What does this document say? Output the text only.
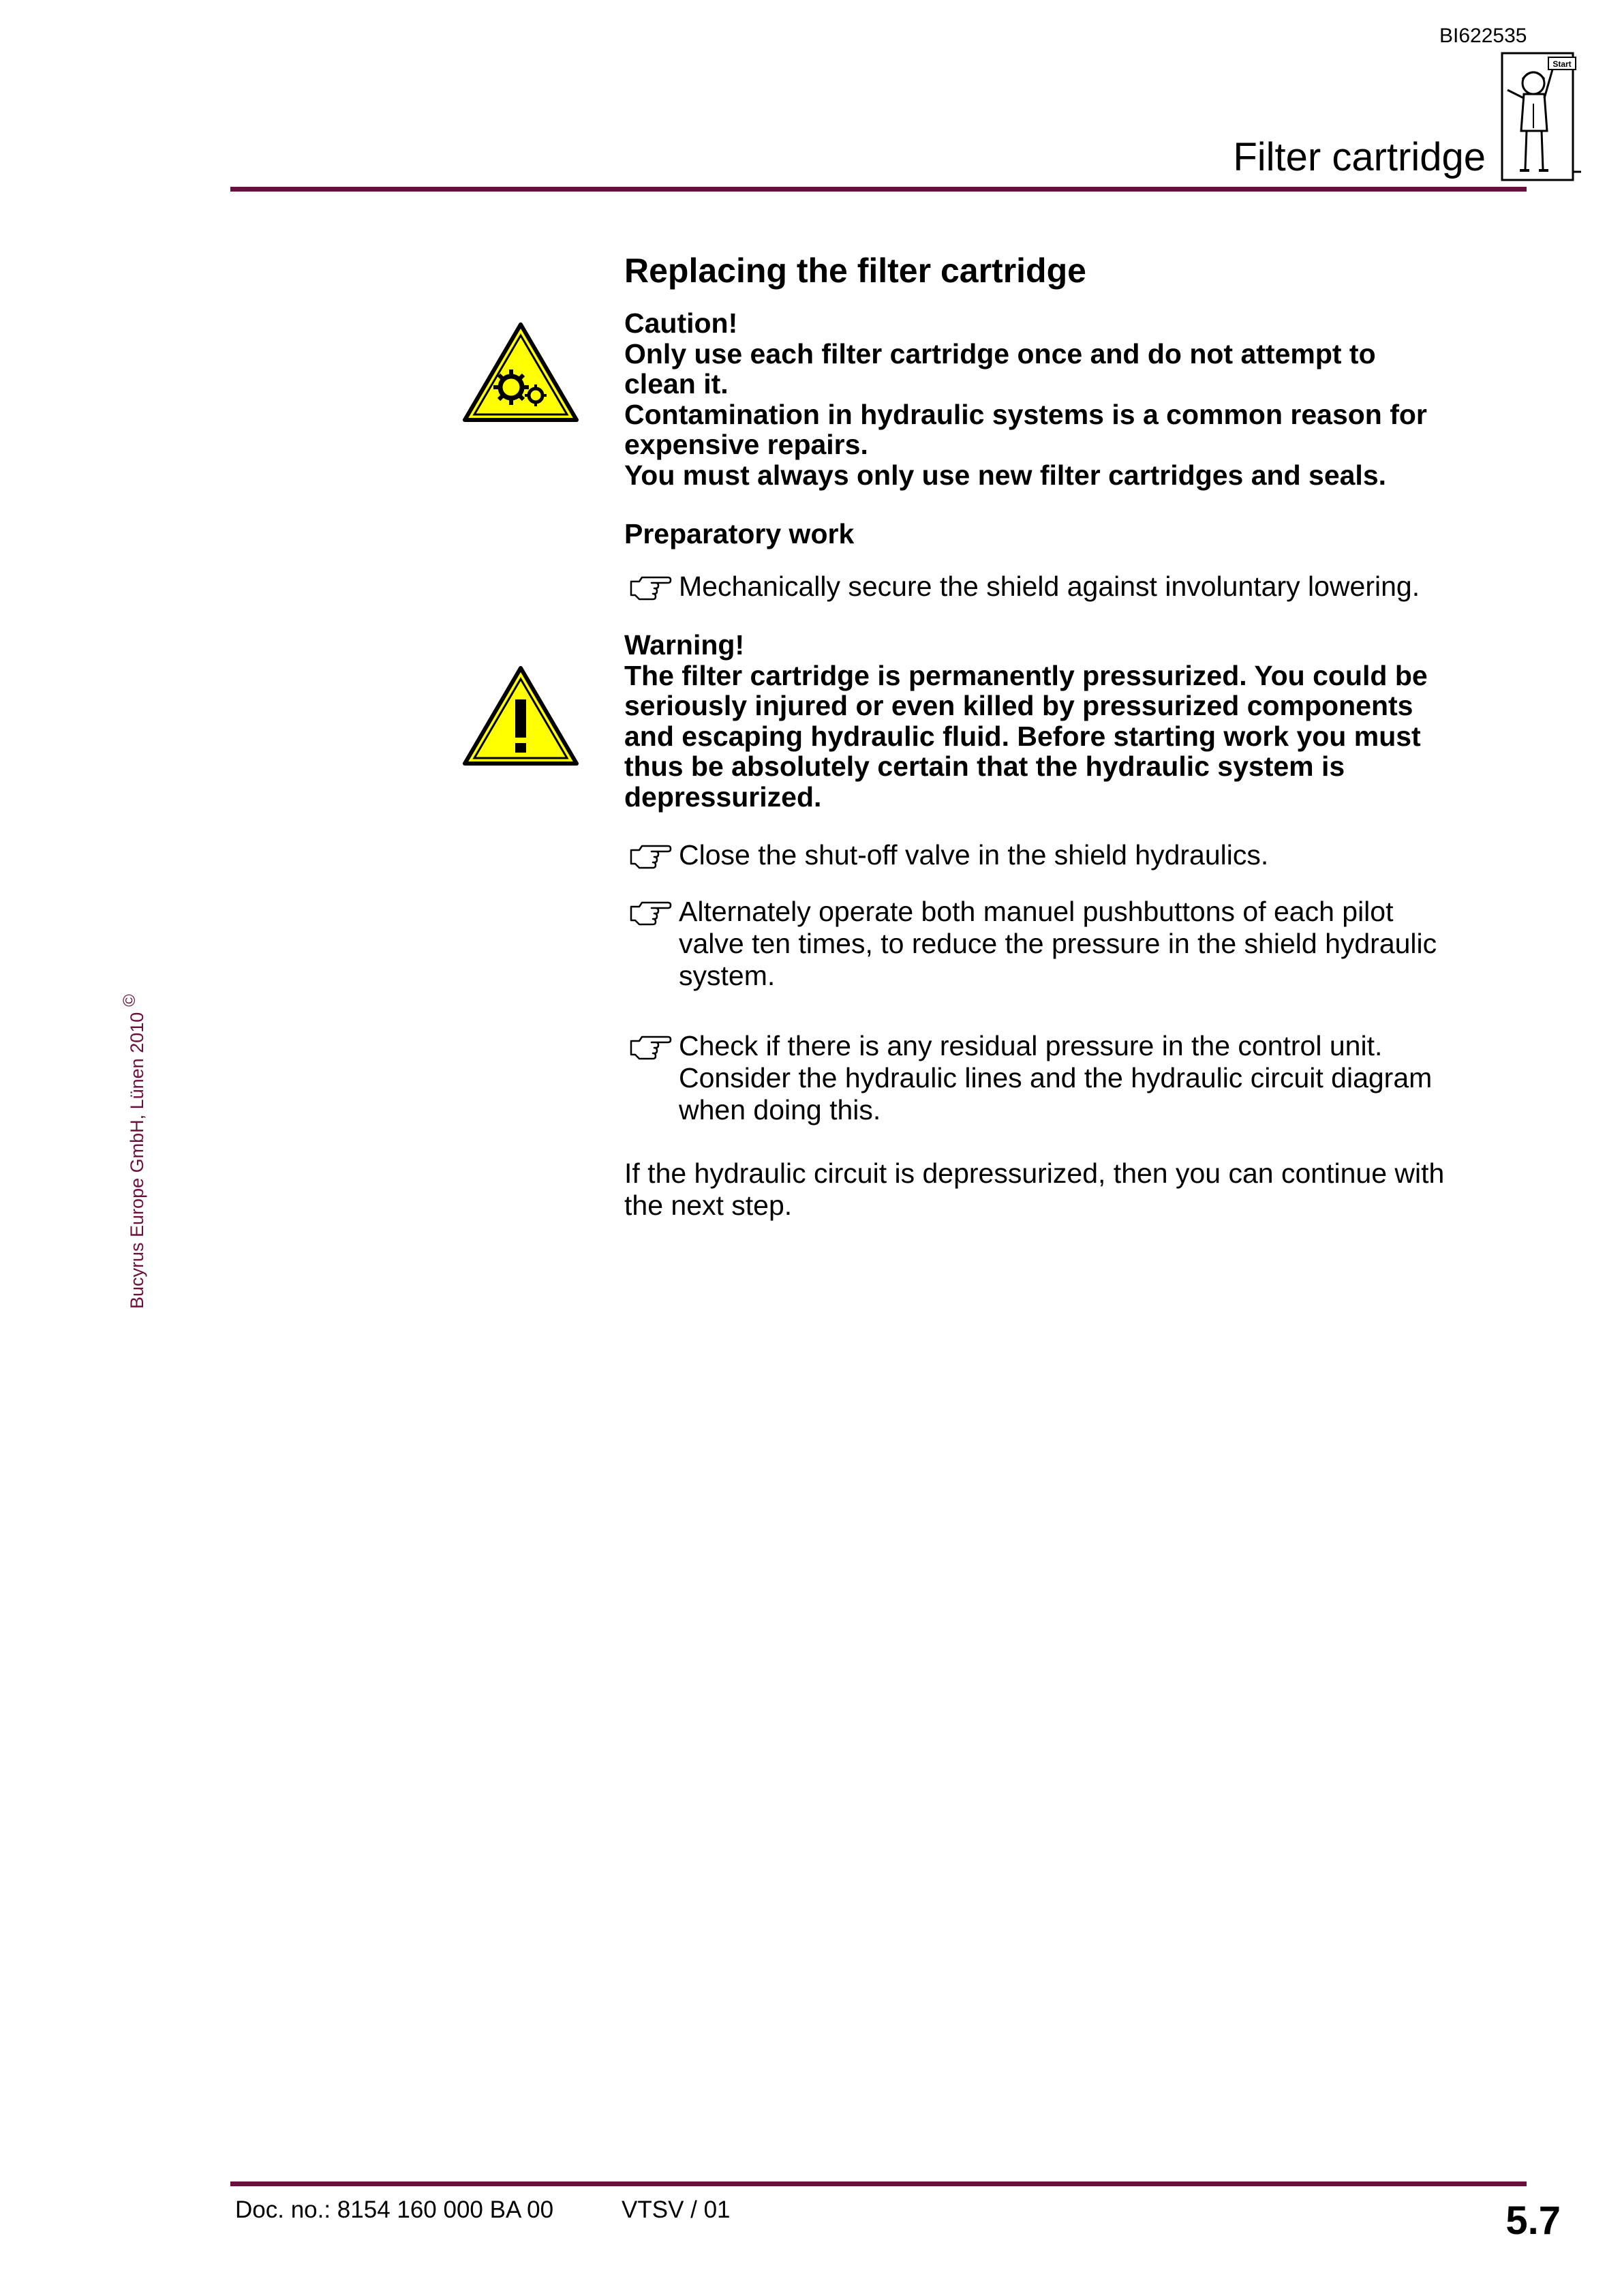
BI622535
Filter cartridge
Start
Bucyrus Europe GmbH, Lünen 2010©
Replacing the filter cartridge
Caution!
Only use each filter cartridge once and do not attempt to
clean it.
Contamination in hydraulic systems is a common reason for
expensive repairs.
You must always only use new filter cartridges and seals.
Preparatory work
Mechanically secure the shield against involuntary lowering.
Warning!
The filter cartridge is permanently pressurized. You could be
seriously injured or even killed by pressurized components
and escaping hydraulic fluid. Before starting work you must
thus be absolutely certain that the hydraulic system is
depressurized.
Close the shut-off valve in the shield hydraulics.
Alternately operate both manuel pushbuttons of each pilot
valve ten times, to reduce the pressure in the shield hydraulic
system.
Check if there is any residual pressure in the control unit.
Consider the hydraulic lines and the hydraulic circuit diagram
when doing this.
If the hydraulic circuit is depressurized, then you can continue with
the next step.
Doc. no.: 8154 160 000 BA 00	VTSV / 01	5.7
